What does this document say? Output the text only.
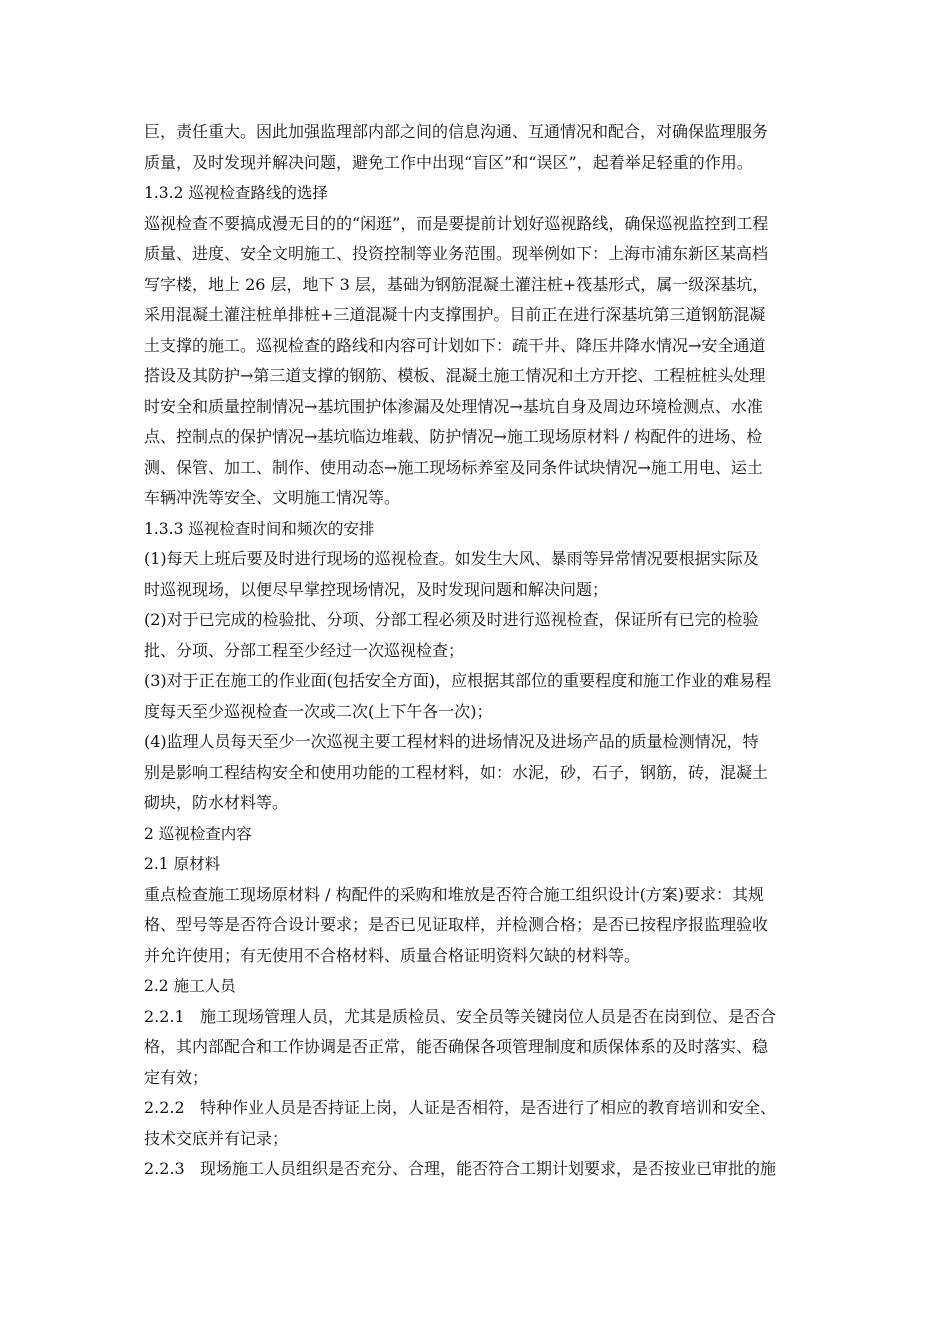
巨，责任重大。因此加强监理部内部之间的信息沟通、互通情况和配合，对确保监理服务
质量，及时发现并解决问题，避免工作中出现“盲区”和“误区”，起着举足轻重的作用。
1.3.2 巡视检查路线的选择
巡视检查不要搞成漫无目的的“闲逛”，而是要提前计划好巡视路线，确保巡视监控到工程
质量、进度、安全文明施工、投资控制等业务范围。现举例如下：上海市浦东新区某高档
写字楼，地上 26 层，地下 3 层，基础为钢筋混凝土灌注桩+筏基形式，属一级深基坑，
采用混凝土灌注桩单排桩+三道混凝十内支撑围护。目前正在进行深基坑第三道钢筋混凝
土支撑的施工。巡视检查的路线和内容可计划如下：疏干井、降压井降水情况→安全通道
搭设及其防护→第三道支撑的钢筋、模板、混凝土施工情况和土方开挖、工程桩桩头处理
时安全和质量控制情况→基坑围护体渗漏及处理情况→基坑自身及周边环境检测点、水准
点、控制点的保护情况→基坑临边堆载、防护情况→施工现场原材料 / 构配件的进场、检
测、保管、加工、制作、使用动态→施工现场标养室及同条件试块情况→施工用电、运土
车辆冲洗等安全、文明施工情况等。
1.3.3 巡视检查时间和频次的安排
(1)每天上班后要及时进行现场的巡视检查。如发生大风、暴雨等异常情况要根据实际及
时巡视现场，以便尽早掌控现场情况，及时发现问题和解决问题；
(2)对于已完成的检验批、分项、分部工程必须及时进行巡视检查，保证所有已完的检验
批、分项、分部工程至少经过一次巡视检查；
(3)对于正在施工的作业面(包括安全方面)，应根据其部位的重要程度和施工作业的难易程
度每天至少巡视检查一次或二次(上下午各一次)；
(4)监理人员每天至少一次巡视主要工程材料的进场情况及进场产品的质量检测情况，特
别是影响工程结构安全和使用功能的工程材料，如：水泥，砂，石子，钢筋，砖，混凝土
砌块，防水材料等。
2 巡视检查内容
2.1 原材料
重点检查施工现场原材料 / 构配件的采购和堆放是否符合施工组织设计(方案)要求：其规
格、型号等是否符合设计要求；是否已见证取样，并检测合格；是否已按程序报监理验收
并允许使用；有无使用不合格材料、质量合格证明资料欠缺的材料等。
2.2 施工人员
2.2.1 施工现场管理人员，尤其是质检员、安全员等关键岗位人员是否在岗到位、是否合
格，其内部配合和工作协调是否正常，能否确保各项管理制度和质保体系的及时落实、稳
定有效；
2.2.2 特种作业人员是否持证上岗，人证是否相符，是否进行了相应的教育培训和安全、
技术交底并有记录；
2.2.3 现场施工人员组织是否充分、合理，能否符合工期计划要求，是否按业已审批的施
